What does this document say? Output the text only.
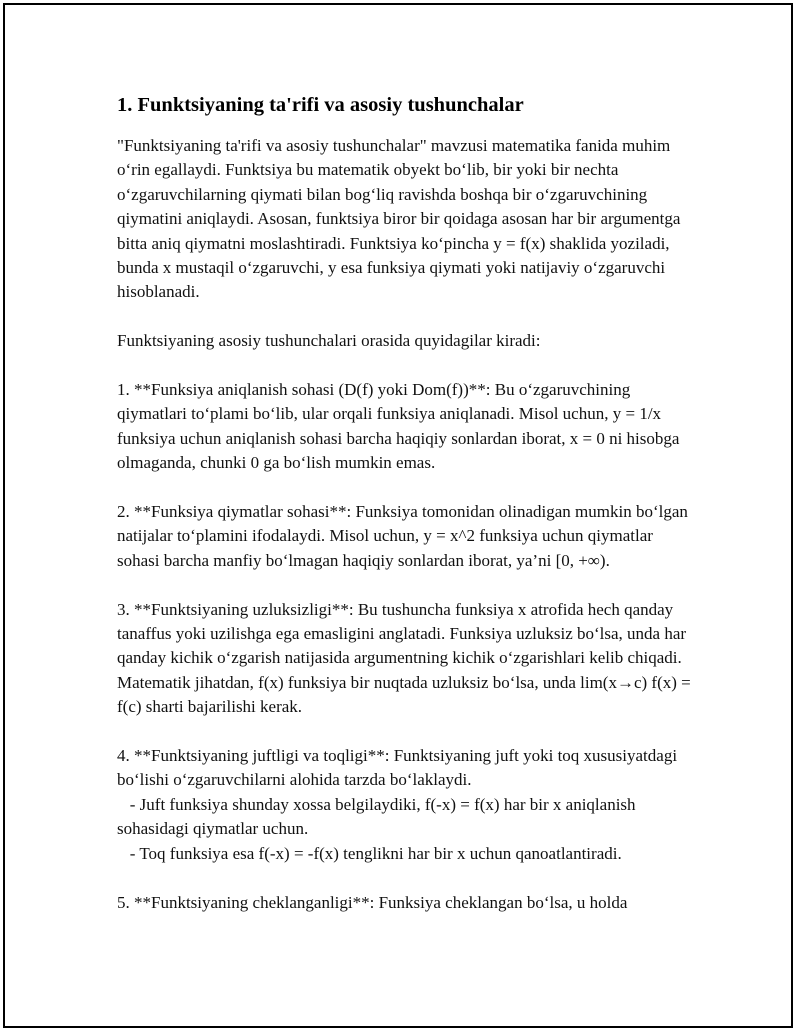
1. Funktsiyaning ta'rifi va asosiy tushunchalar

"Funktsiyaning ta'rifi va asosiy tushunchalar" mavzusi matematika fanida muhim o‘rin egallaydi. Funktsiya bu matematik obyekt bo‘lib, bir yoki bir nechta o‘zgaruvchilarning qiymati bilan bog‘liq ravishda boshqa bir o‘zgaruvchining qiymatini aniqlaydi. Asosan, funktsiya biror bir qoidaga asosan har bir argumentga bitta aniq qiymatni moslashtiradi. Funktsiya ko‘pincha y = f(x) shaklida yoziladi, bunda x mustaqil o‘zgaruvchi, y esa funksiya qiymati yoki natijaviy o‘zgaruvchi hisoblanadi.

Funktsiyaning asosiy tushunchalari orasida quyidagilar kiradi:

1. **Funksiya aniqlanish sohasi (D(f) yoki Dom(f))**: Bu o‘zgaruvchining qiymatlari to‘plami bo‘lib, ular orqali funksiya aniqlanadi. Misol uchun, y = 1/x funksiya uchun aniqlanish sohasi barcha haqiqiy sonlardan iborat, x = 0 ni hisobga olmaganda, chunki 0 ga bo‘lish mumkin emas.

2. **Funksiya qiymatlar sohasi**: Funksiya tomonidan olinadigan mumkin bo‘lgan natijalar to‘plamini ifodalaydi. Misol uchun, y = x^2 funksiya uchun qiymatlar sohasi barcha manfiy bo‘lmagan haqiqiy sonlardan iborat, ya’ni [0, +∞).

3. **Funktsiyaning uzluksizligi**: Bu tushuncha funksiya x atrofida hech qanday tanaffus yoki uzilishga ega emasligini anglatadi. Funksiya uzluksiz bo‘lsa, unda har qanday kichik o‘zgarish natijasida argumentning kichik o‘zgarishlari kelib chiqadi. Matematik jihatdan, f(x) funksiya bir nuqtada uzluksiz bo‘lsa, unda lim(x→c) f(x) = f(c) sharti bajarilishi kerak.

4. **Funktsiyaning juftligi va toqligi**: Funktsiyaning juft yoki toq xususiyatdagi bo‘lishi o‘zgaruvchilarni alohida tarzda bo‘laklaydi.

- Juft funksiya shunday xossa belgilaydiki, f(-x) = f(x) har bir x aniqlanish sohasidagi qiymatlar uchun.

- Toq funksiya esa f(-x) = -f(x) tenglikni har bir x uchun qanoatlantiradi.

5. **Funktsiyaning cheklanganligi**: Funksiya cheklangan bo‘lsa, u holda
